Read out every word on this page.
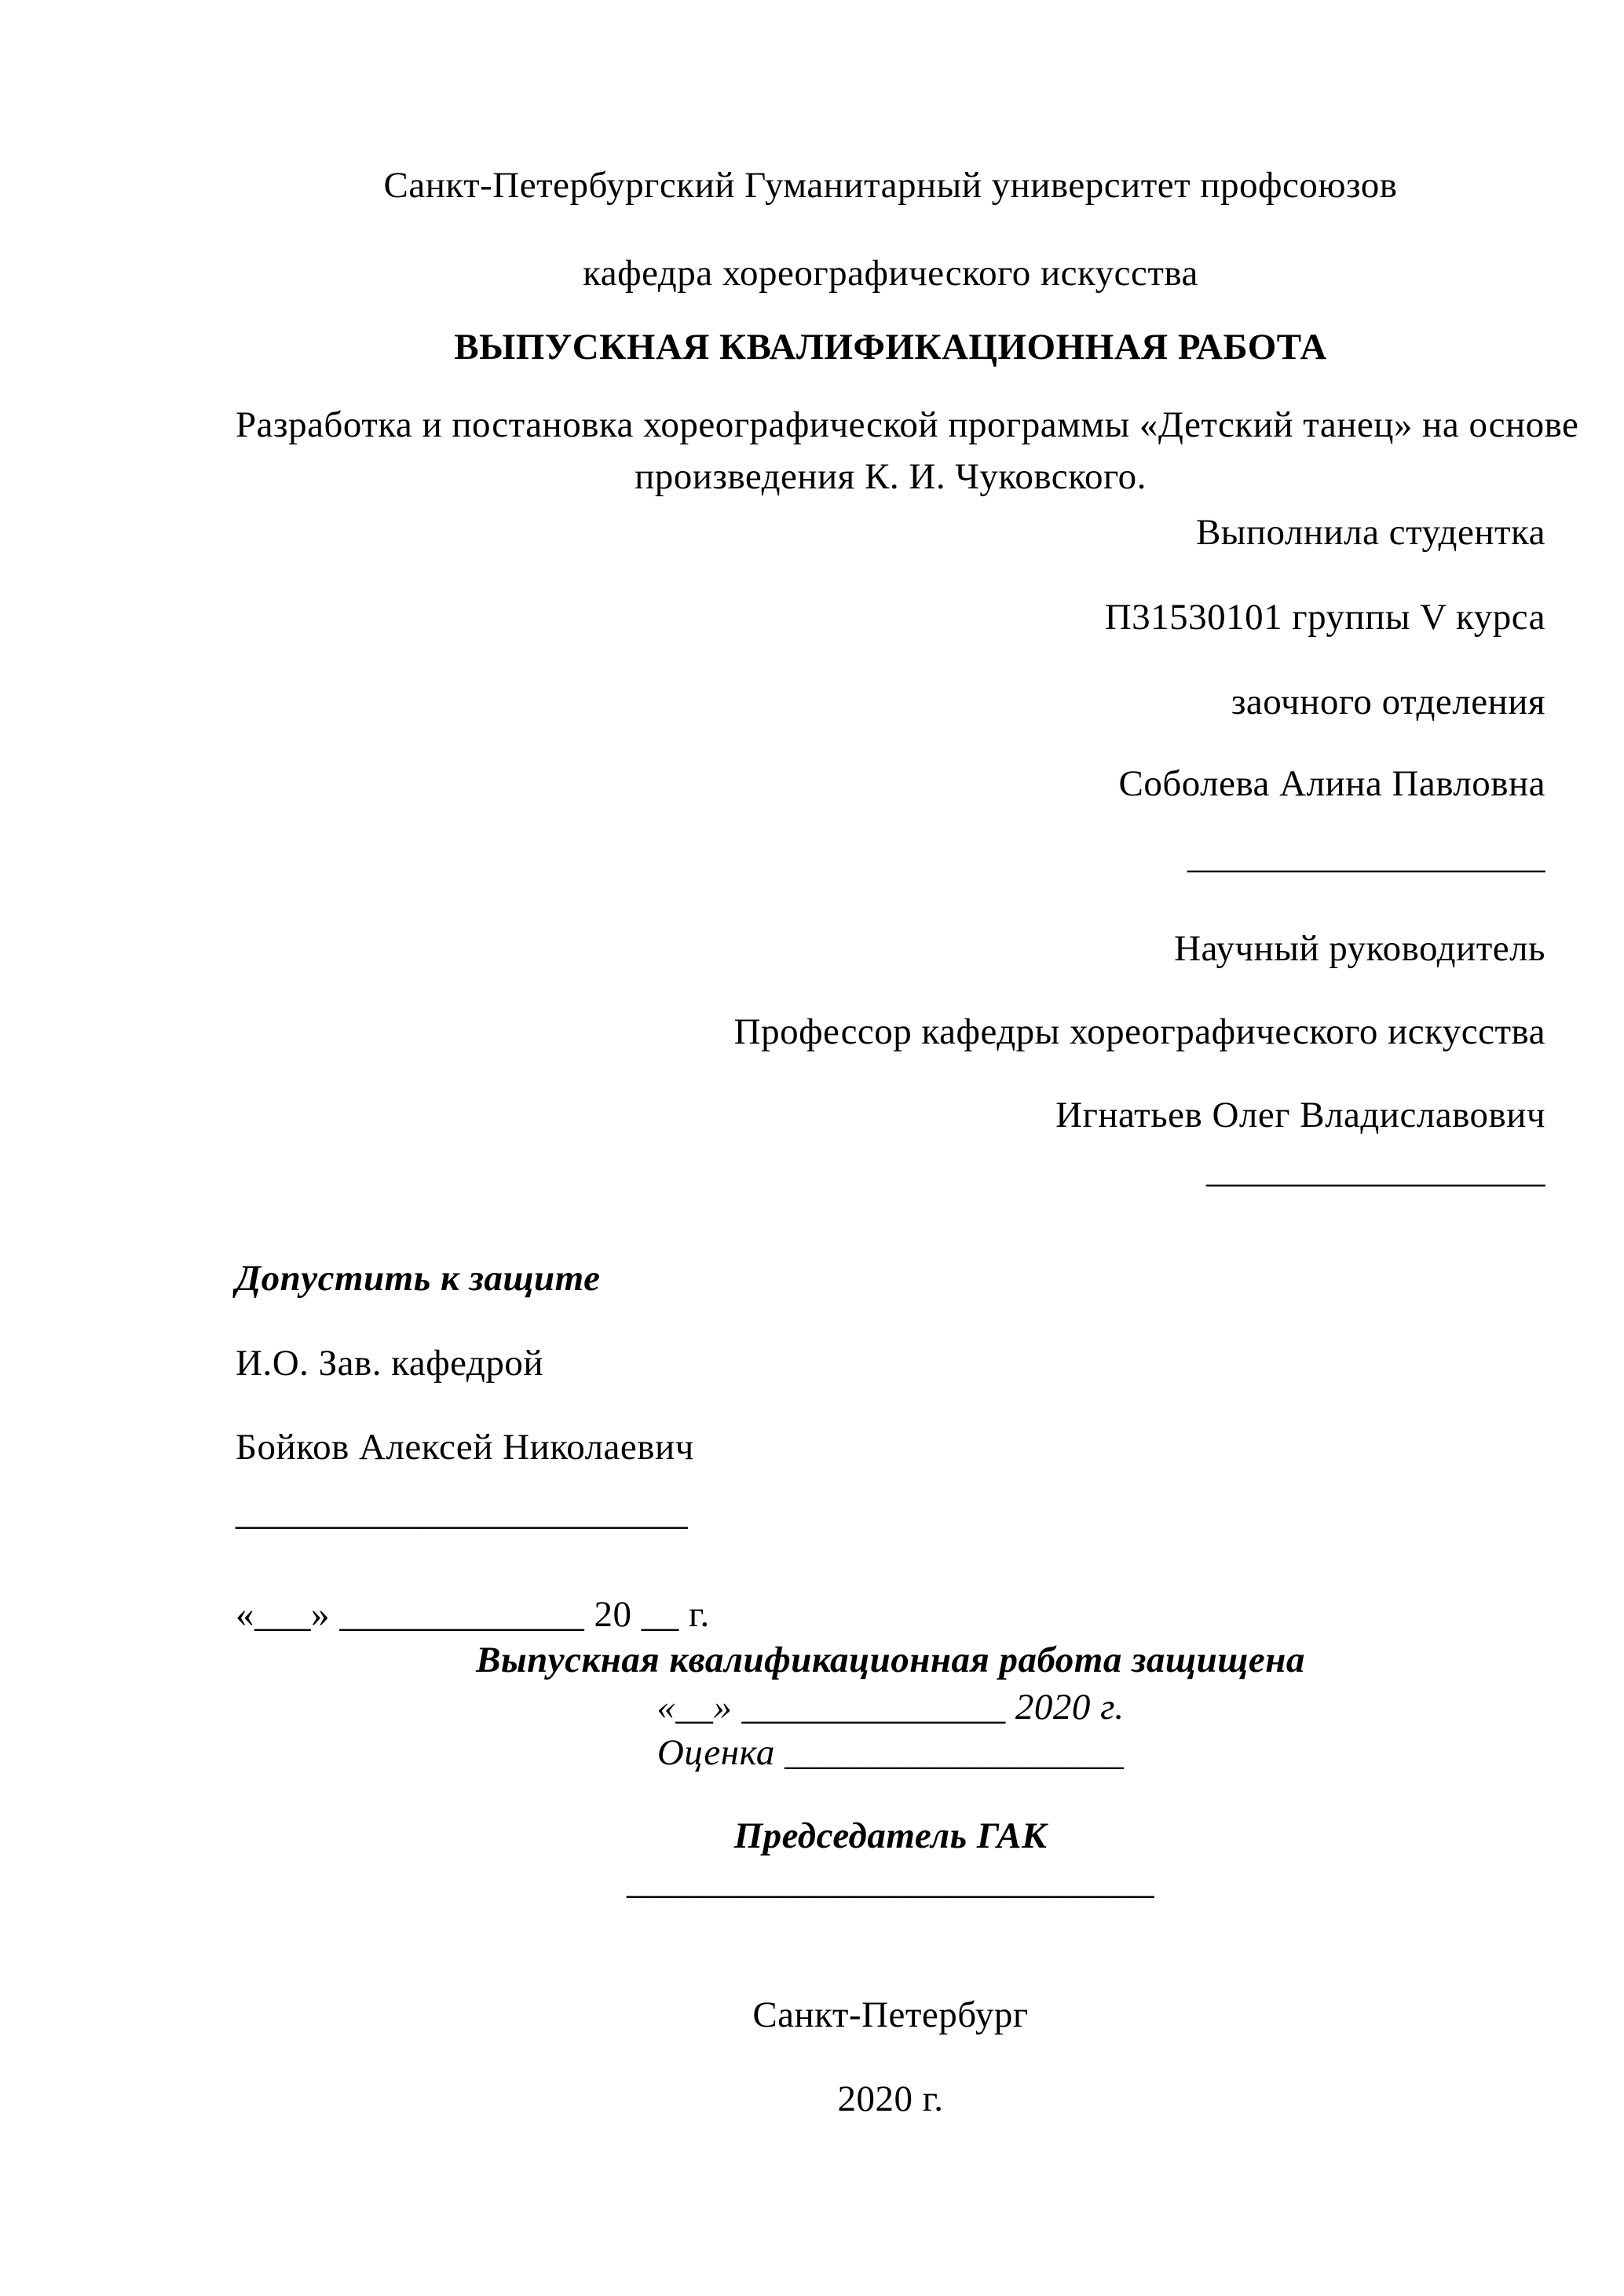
Санкт-Петербургский Гуманитарный университет профсоюзов
кафедра хореографического искусства
ВЫПУСКНАЯ КВАЛИФИКАЦИОННАЯ РАБОТА
Разработка и постановка хореографической программы «Детский танец» на основе
произведения К. И. Чуковского.
Выполнила студентка
П31530101 группы V курса
заочного отделения
Соболева Алина Павловна
___________________
Научный руководитель
Профессор кафедры хореографического искусства
Игнатьев Олег Владиславович
__________________
Допустить к защите
И.О. Зав. кафедрой
Бойков Алексей Николаевич
________________________
«___» _____________ 20 __ г.
Выпускная квалификационная работа защищена
«__» ______________ 2020 г.
Оценка __________________
Председатель ГАК
____________________________
Санкт-Петербург
2020 г.
